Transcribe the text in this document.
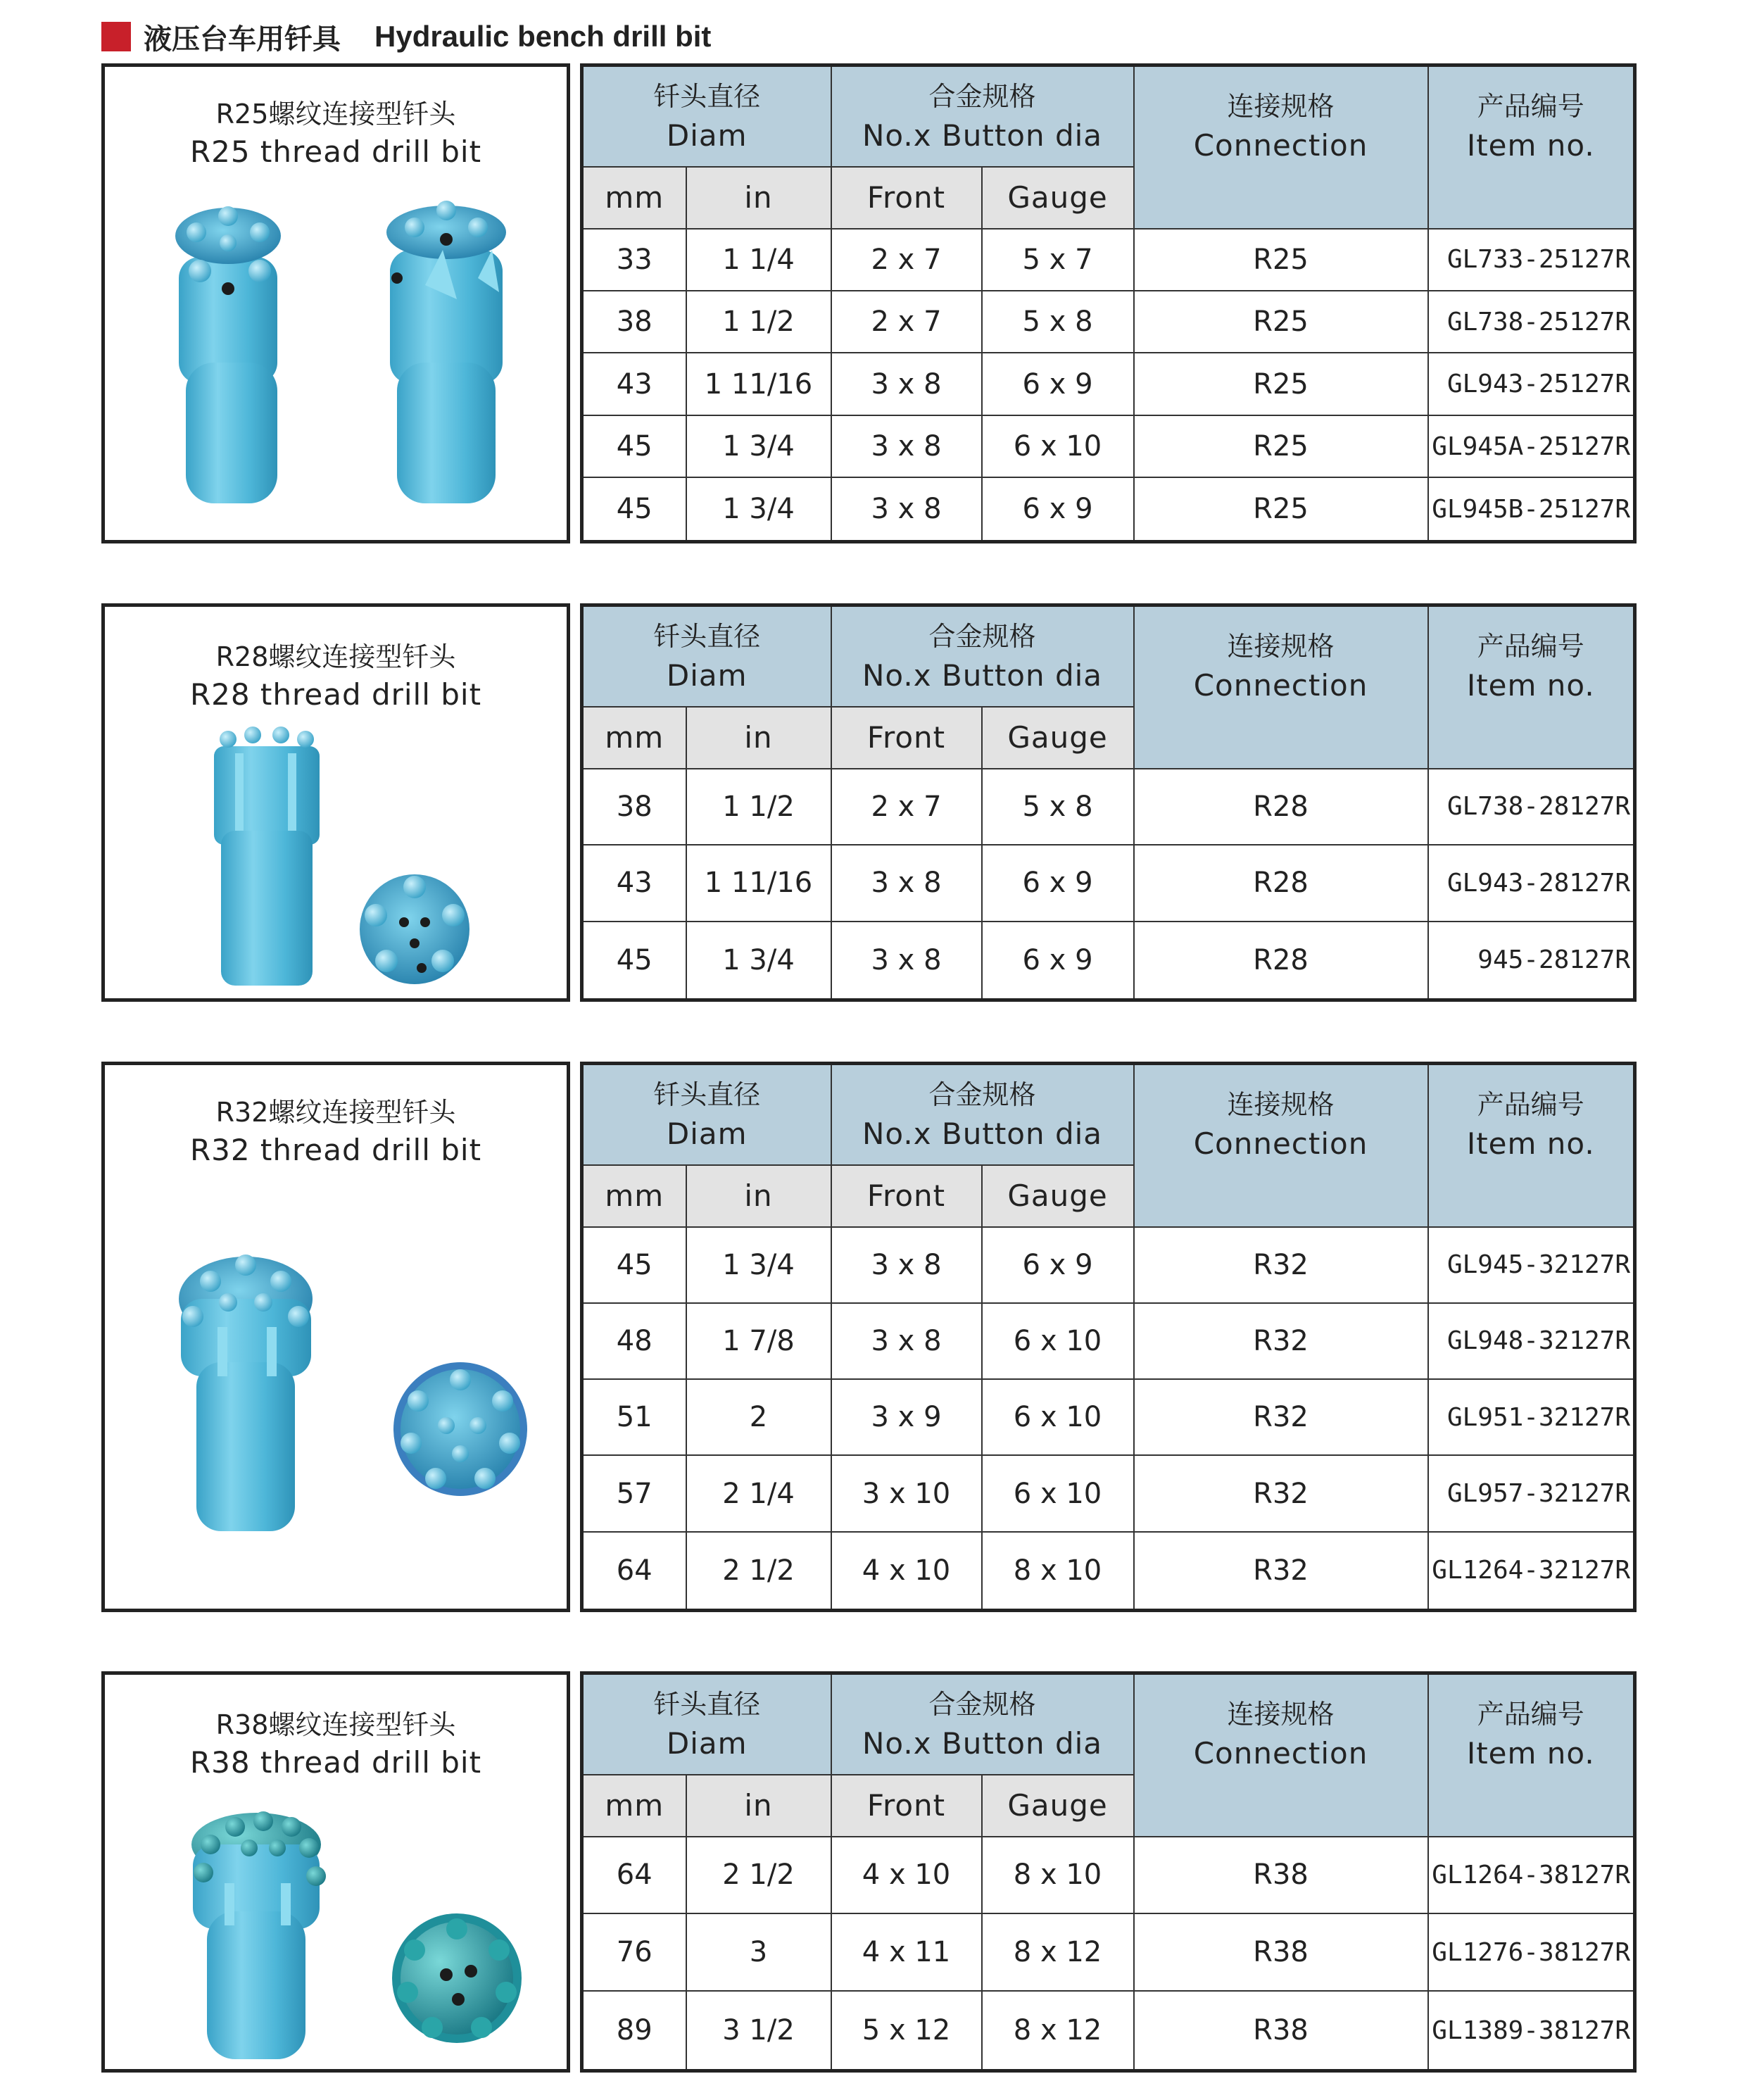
液压台车用钎具 Hydraulic bench drill bit
R25螺纹连接型钎头
R25 thread drill bit
钎头直径
Diam		合金规格
No.x Button dia		连接规格
Connection	产品编号
Item no.

mm	in	Front	Gauge		
33	1 1/4	2 x 7	5 x 7	R25	GL733-25127R
38	1 1/2	2 x 7	5 x 8	R25	GL738-25127R
43	1 11/16	3 x 8	6 x 9	R25	GL943-25127R
45	1 3/4	3 x 8	6 x 10	R25	GL945A-25127R
45	1 3/4	3 x 8	6 x 9	R25	GL945B-25127R
R28螺纹连接型钎头
R28 thread drill bit
钎头直径
Diam		合金规格
No.x Button dia		连接规格
Connection	产品编号
Item no.

mm	in	Front	Gauge		
38	1 1/2	2 x 7	5 x 8	R28	GL738-28127R
43	1 11/16	3 x 8	6 x 9	R28	GL943-28127R
45	1 3/4	3 x 8	6 x 9	R28	945-28127R
R32螺纹连接型钎头
R32 thread drill bit
钎头直径
Diam		合金规格
No.x Button dia		连接规格
Connection	产品编号
Item no.

mm	in	Front	Gauge		
45	1 3/4	3 x 8	6 x 9	R32	GL945-32127R
48	1 7/8	3 x 8	6 x 10	R32	GL948-32127R
51	2	3 x 9	6 x 10	R32	GL951-32127R
57	2 1/4	3 x 10	6 x 10	R32	GL957-32127R
64	2 1/2	4 x 10	8 x 10	R32	GL1264-32127R
R38螺纹连接型钎头
R38 thread drill bit
钎头直径
Diam		合金规格
No.x Button dia		连接规格
Connection	产品编号
Item no.

mm	in	Front	Gauge		
64	2 1/2	4 x 10	8 x 10	R38	GL1264-38127R
76	3	4 x 11	8 x 12	R38	GL1276-38127R
89	3 1/2	5 x 12	8 x 12	R38	GL1389-38127R
